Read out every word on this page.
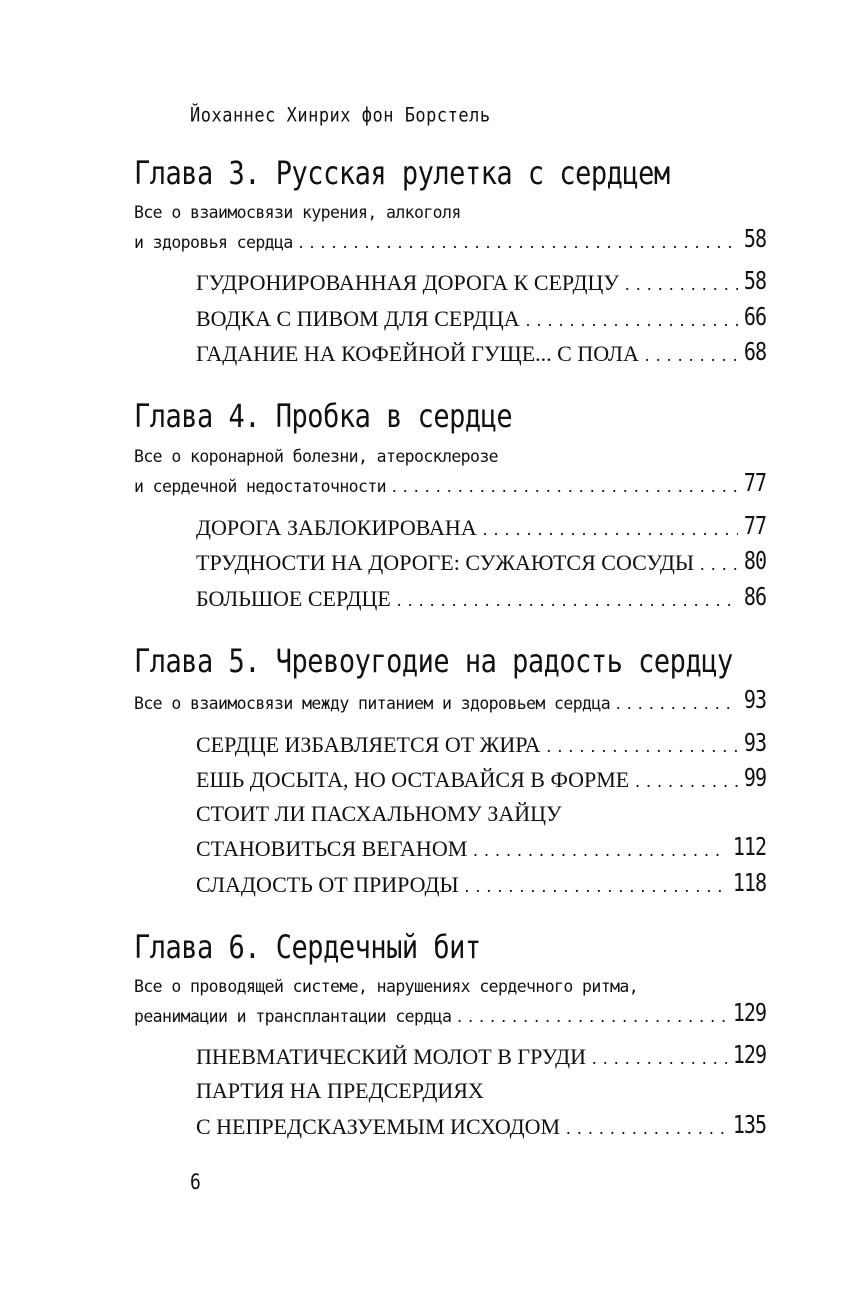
Йоханнес Хинрих фон Борстель
Глава 3. Русская рулетка с сердцем
Все о взаимосвязи курения, алкоголя
и здоровья сердца . . .	58
ГУДРОНИРОВАННАЯ ДОРОГА К СЕРДЦУ . . .	58
ВОДКА С ПИВОМ ДЛЯ СЕРДЦА . . .	66
ГАДАНИЕ НА КОФЕЙНОЙ ГУЩЕ... С ПОЛА . . .	68
Глава 4. Пробка в сердце
Все о коронарной болезни, атеросклерозе
и сердечной недостаточности . . .	77
ДОРОГА ЗАБЛОКИРОВАНА . . .	77
ТРУДНОСТИ НА ДОРОГЕ: СУЖАЮТСЯ СОСУДЫ . . . 80
БОЛЬШОЕ СЕРДЦЕ . . .	86
Глава 5. Чревоугодие на радость сердцу
Все о взаимосвязи между питанием и здоровьем сердца . . .	93
СЕРДЦЕ ИЗБАВЛЯЕТСЯ ОТ ЖИРА . . .	93
ЕШЬ ДОСЫТА, НО ОСТАВАЙСЯ В ФОРМЕ . . .	99
СТОИТ ЛИ ПАСХАЛЬНОМУ ЗАЙЦУ
СТАНОВИТЬСЯ ВЕГАНОМ . . .	112
СЛАДОСТЬ ОТ ПРИРОДЫ . . .	118
Глава 6. Сердечный бит
Все о проводящей системе, нарушениях сердечного ритма,
реанимации и трансплантации сердца . . .	129
ПНЕВМАТИЧЕСКИЙ МОЛОТ В ГРУДИ . . .	129
ПАРТИЯ НА ПРЕДСЕРДИЯХ
С НЕПРЕДСКАЗУЕМЫМ ИСХОДОМ . . .	135
6
